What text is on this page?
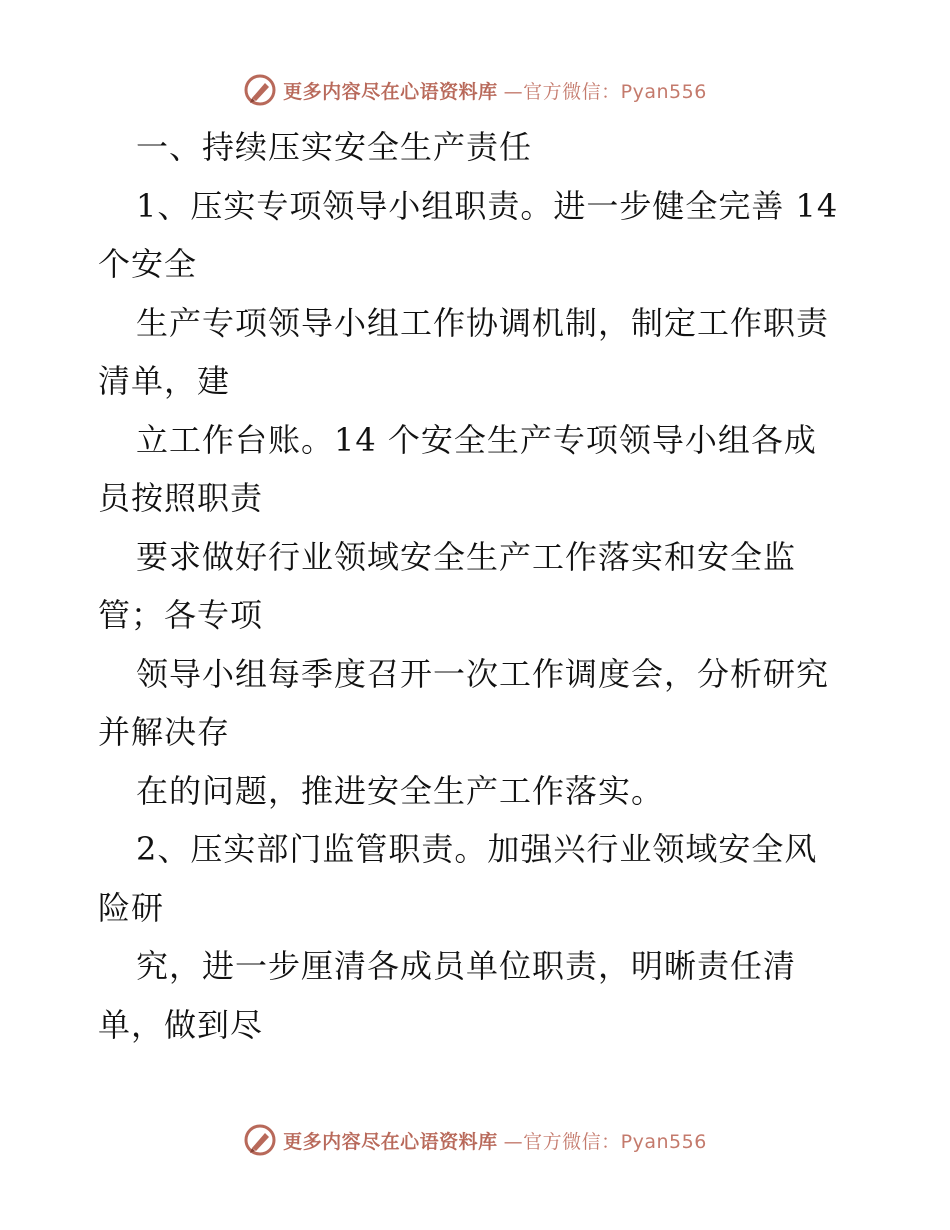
更多内容尽在心语资料库 —官方微信：Pyan556
一、持续压实安全生产责任
1、压实专项领导小组职责。进一步健全完善 14
个安全
生产专项领导小组工作协调机制，制定工作职责
清单，建
立工作台账。14 个安全生产专项领导小组各成
员按照职责
要求做好行业领域安全生产工作落实和安全监
管；各专项
领导小组每季度召开一次工作调度会，分析研究
并解决存
在的问题，推进安全生产工作落实。
2、压实部门监管职责。加强兴行业领域安全风
险研
究，进一步厘清各成员单位职责，明晰责任清
单，做到尽
更多内容尽在心语资料库 —官方微信：Pyan556
